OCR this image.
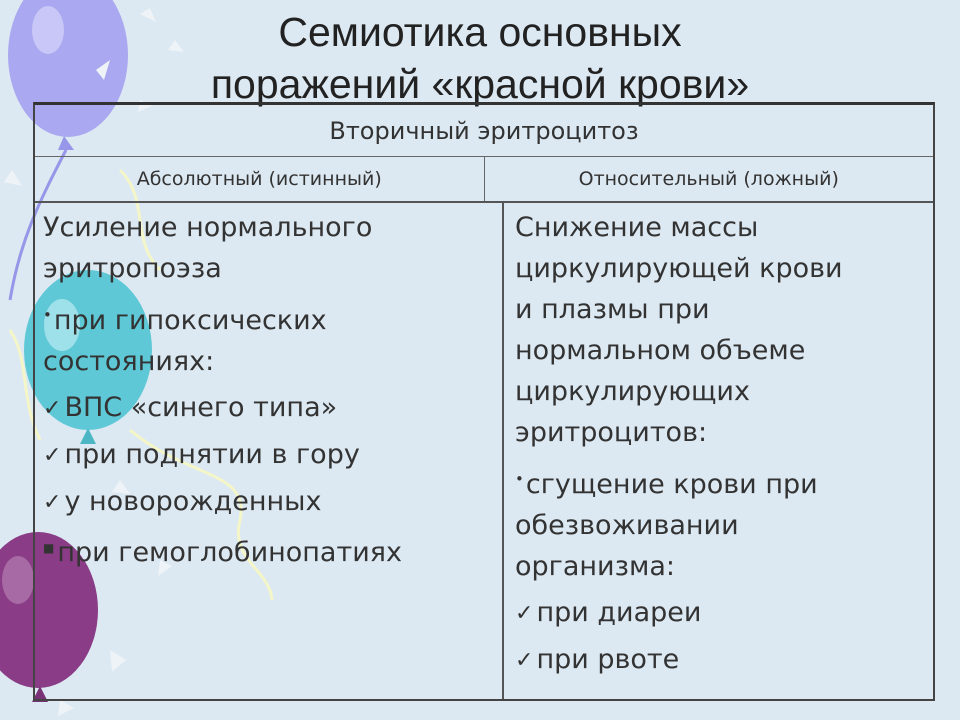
Семиотика основных
поражений «красной крови»
Вторичный эритроцитоз
Абсолютный (истинный)	Относительный (ложный)
Усиление нормального
эритропоэза
•при гипоксических
состояниях:
✓ ВПС «синего типа»
✓ при поднятии в гору
✓ у новорожденных
■ при гемоглобинопатиях
Снижение массы
циркулирующей крови
и плазмы при
нормальном объеме
циркулирующих
эритроцитов:
•сгущение крови при
обезвоживании
организма:
✓ при диареи
✓ при рвоте
